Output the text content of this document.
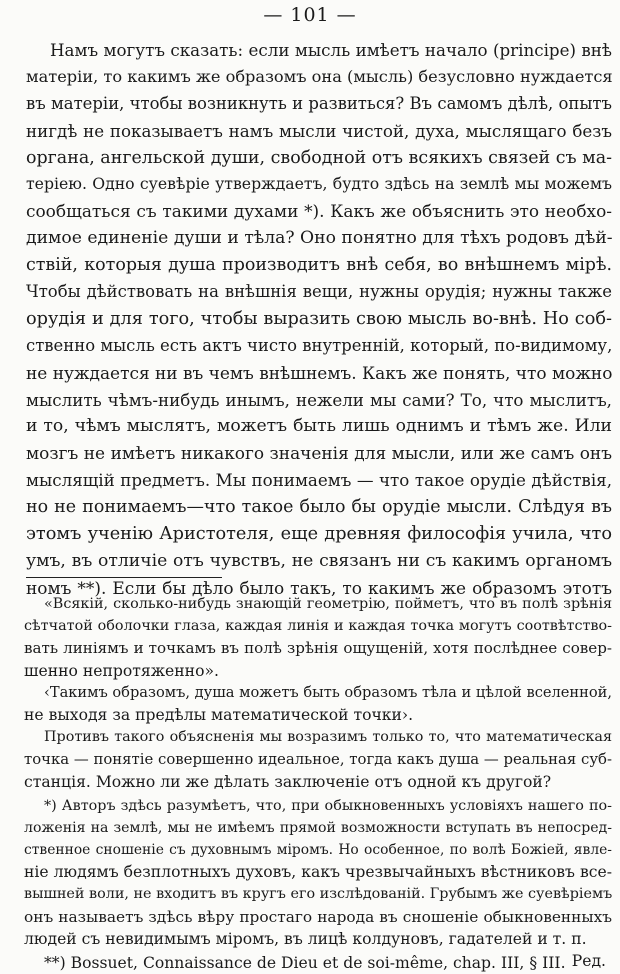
— 101 —
Намъ могутъ сказать: если мысль имѣетъ начало (principe) внѣ
матеріи, то какимъ же образомъ она (мысль) безусловно нуждается
въ матеріи, чтобы возникнуть и развиться? Въ самомъ дѣлѣ, опытъ
нигдѣ не показываетъ намъ мысли чистой, духа, мыслящаго безъ
органа, ангельской души, свободной отъ всякихъ связей съ ма-
теріею. Одно суевѣріе утверждаетъ, будто здѣсь на землѣ мы можемъ
сообщаться съ такими духами *). Какъ же объяснить это необхо-
димое единеніе души и тѣла? Оно понятно для тѣхъ родовъ дѣй-
ствій, которыя душа производитъ внѣ себя, во внѣшнемъ мірѣ.
Чтобы дѣйствовать на внѣшнія вещи, нужны орудія; нужны также
орудія и для того, чтобы выразить свою мысль во-внѣ. Но соб-
ственно мысль есть актъ чисто внутренній, который, по-видимому,
не нуждается ни въ чемъ внѣшнемъ. Какъ же понять, что можно
мыслить чѣмъ-нибудь инымъ, нежели мы сами? То, что мыслитъ,
и то, чѣмъ мыслятъ, можетъ быть лишь однимъ и тѣмъ же. Или
мозгъ не имѣетъ никакого значенія для мысли, или же самъ онъ
мыслящій предметъ. Мы понимаемъ — что такое орудіе дѣйствія,
но не понимаемъ—что такое было бы орудіе мысли. Слѣдуя въ
этомъ ученію Аристотеля, еще древняя философія учила, что
умъ, въ отличіе отъ чувствъ, не связанъ ни съ какимъ органомъ
номъ **). Если бы дѣло было такъ, то какимъ же образомъ этотъ
«Всякій, сколько-нибудь знающій геометрію, пойметъ, что въ полѣ зрѣнія
сѣтчатой оболочки глаза, каждая линія и каждая точка могутъ соотвѣтство-
вать линіямъ и точкамъ въ полѣ зрѣнія ощущеній, хотя послѣднее совер-
шенно непротяженно».
‹Такимъ образомъ, душа можетъ быть образомъ тѣла и цѣлой вселенной,
не выходя за предѣлы математической точки›.
Противъ такого объясненія мы возразимъ только то, что математическая
точка — понятіе совершенно идеальное, тогда какъ душа — реальная суб-
станція. Можно ли же дѣлать заключеніе отъ одной къ другой?
*) Авторъ здѣсь разумѣетъ, что, при обыкновенныхъ условіяхъ нашего по-
ложенія на землѣ, мы не имѣемъ прямой возможности вступать въ непосред-
ственное сношеніе съ духовнымъ міромъ. Но особенное, по волѣ Божіей, явле-
ніе людямъ безплотныхъ духовъ, какъ чрезвычайныхъ вѣстниковъ все-
вышней воли, не входитъ въ кругъ его изслѣдованій. Грубымъ же суевѣріемъ
онъ называетъ здѣсь вѣру простаго народа въ сношеніе обыкновенныхъ
людей съ невидимымъ міромъ, въ лицѣ колдуновъ, гадателей и т. п.
Ред.
**) Bossuet, Connaissance de Dieu et de soi-même, chap. III, § III.
